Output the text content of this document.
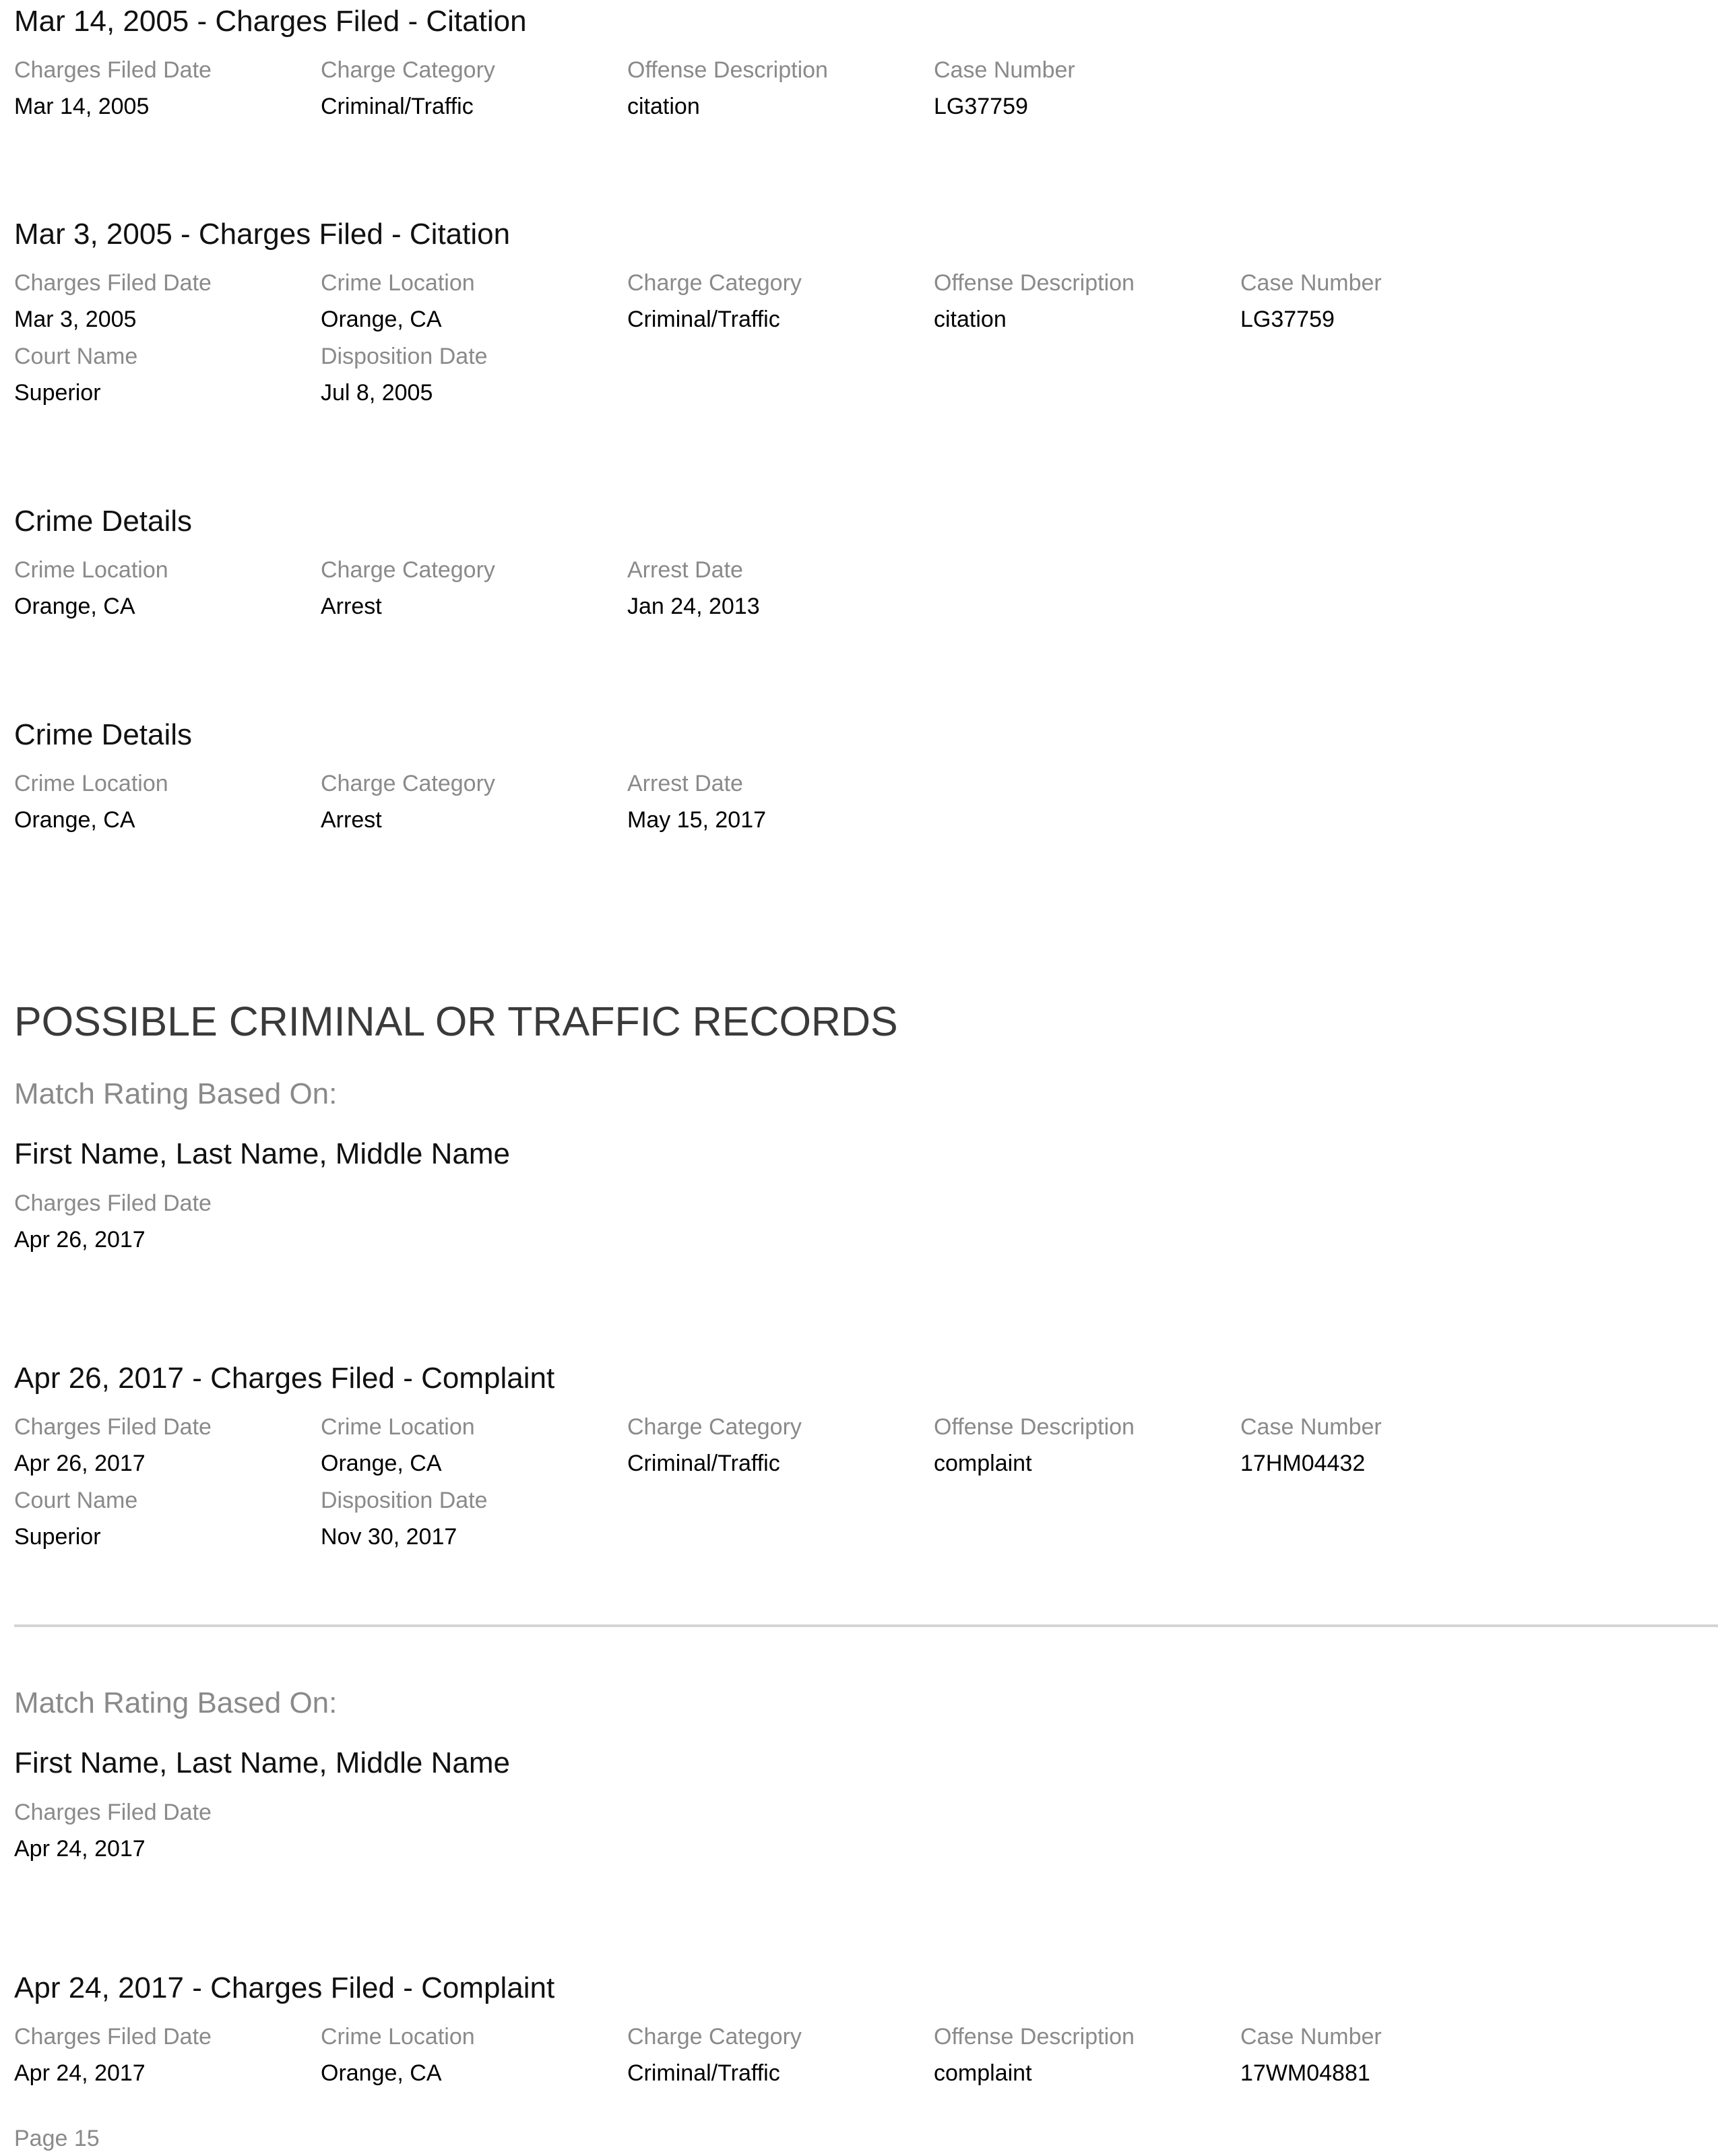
Mar 14, 2005 - Charges Filed - Citation
Charges Filed Date	Charge Category	Offense Description	Case Number
Mar 14, 2005	Criminal/Traffic	citation	LG37759
Mar 3, 2005 - Charges Filed - Citation
Charges Filed Date	Crime Location	Charge Category	Offense Description	Case Number
Mar 3, 2005	Orange, CA	Criminal/Traffic	citation	LG37759
Court Name	Disposition Date
Superior	Jul 8, 2005
Crime Details
Crime Location	Charge Category	Arrest Date
Orange, CA	Arrest	Jan 24, 2013
Crime Details
Crime Location	Charge Category	Arrest Date
Orange, CA	Arrest	May 15, 2017
POSSIBLE CRIMINAL OR TRAFFIC RECORDS
Match Rating Based On:
First Name, Last Name, Middle Name
Charges Filed Date
Apr 26, 2017
Apr 26, 2017 - Charges Filed - Complaint
Charges Filed Date	Crime Location	Charge Category	Offense Description	Case Number
Apr 26, 2017	Orange, CA	Criminal/Traffic	complaint	17HM04432
Court Name	Disposition Date
Superior	Nov 30, 2017
Match Rating Based On:
First Name, Last Name, Middle Name
Charges Filed Date
Apr 24, 2017
Apr 24, 2017 - Charges Filed - Complaint
Charges Filed Date	Crime Location	Charge Category	Offense Description	Case Number
Apr 24, 2017	Orange, CA	Criminal/Traffic	complaint	17WM04881
Page 15
